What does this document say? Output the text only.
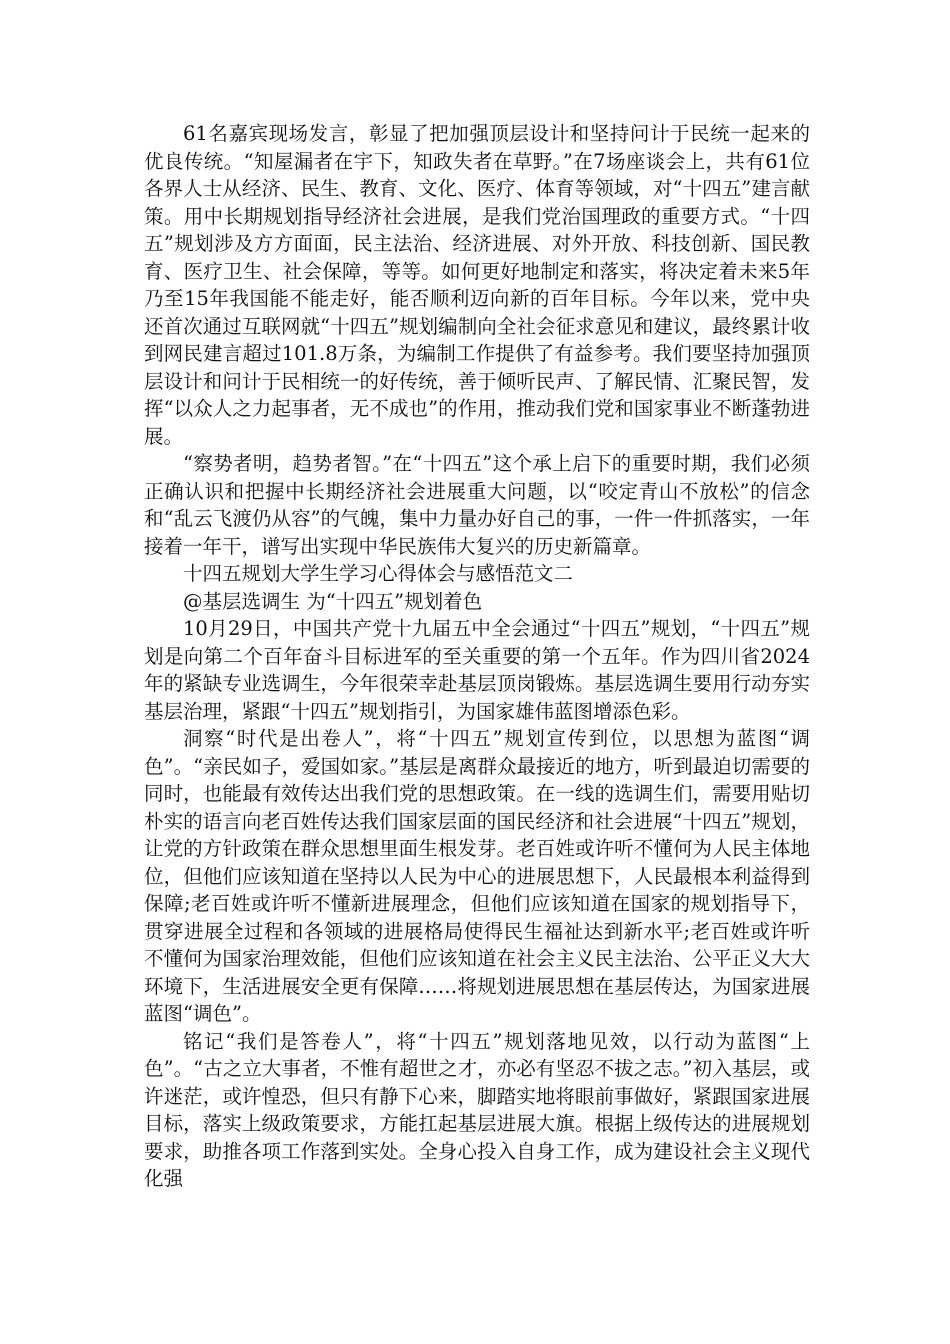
61名嘉宾现场发言，彰显了把加强顶层设计和坚持问计于民统一起来的优良传统。“知屋漏者在宇下，知政失者在草野。”在7场座谈会上，共有61位各界人士从经济、民生、教育、文化、医疗、体育等领域，对“十四五”建言献策。用中长期规划指导经济社会进展，是我们党治国理政的重要方式。“十四五”规划涉及方方面面，民主法治、经济进展、对外开放、科技创新、国民教育、医疗卫生、社会保障，等等。如何更好地制定和落实，将决定着未来5年乃至15年我国能不能走好，能否顺利迈向新的百年目标。今年以来，党中央还首次通过互联网就“十四五”规划编制向全社会征求意见和建议，最终累计收到网民建言超过101.8万条，为编制工作提供了有益参考。我们要坚持加强顶层设计和问计于民相统一的好传统，善于倾听民声、了解民情、汇聚民智，发挥“以众人之力起事者，无不成也”的作用，推动我们党和国家事业不断蓬勃进展。

“察势者明，趋势者智。”在“十四五”这个承上启下的重要时期，我们必须正确认识和把握中长期经济社会进展重大问题，以“咬定青山不放松”的信念和“乱云飞渡仍从容”的气魄，集中力量办好自己的事，一件一件抓落实，一年接着一年干，谱写出实现中华民族伟大复兴的历史新篇章。

十四五规划大学生学习心得体会与感悟范文二

@基层选调生 为“十四五”规划着色

10月29日，中国共产党十九届五中全会通过“十四五”规划，“十四五”规划是向第二个百年奋斗目标进军的至关重要的第一个五年。作为四川省2024年的紧缺专业选调生，今年很荣幸赴基层顶岗锻炼。基层选调生要用行动夯实基层治理，紧跟“十四五”规划指引，为国家雄伟蓝图增添色彩。

洞察“时代是出卷人”，将“十四五”规划宣传到位，以思想为蓝图“调色”。“亲民如子，爱国如家。”基层是离群众最接近的地方，听到最迫切需要的同时，也能最有效传达出我们党的思想政策。在一线的选调生们，需要用贴切朴实的语言向老百姓传达我们国家层面的国民经济和社会进展“十四五”规划，让党的方针政策在群众思想里面生根发芽。老百姓或许听不懂何为人民主体地位，但他们应该知道在坚持以人民为中心的进展思想下，人民最根本利益得到保障;老百姓或许听不懂新进展理念，但他们应该知道在国家的规划指导下，贯穿进展全过程和各领域的进展格局使得民生福祉达到新水平;老百姓或许听不懂何为国家治理效能，但他们应该知道在社会主义民主法治、公平正义大大环境下，生活进展安全更有保障……将规划进展思想在基层传达，为国家进展蓝图“调色”。

铭记“我们是答卷人”，将“十四五”规划落地见效，以行动为蓝图“上色”。“古之立大事者，不惟有超世之才，亦必有坚忍不拔之志。”初入基层，或许迷茫，或许惶恐，但只有静下心来，脚踏实地将眼前事做好，紧跟国家进展目标，落实上级政策要求，方能扛起基层进展大旗。根据上级传达的进展规划要求，助推各项工作落到实处。全身心投入自身工作，成为建设社会主义现代化强
